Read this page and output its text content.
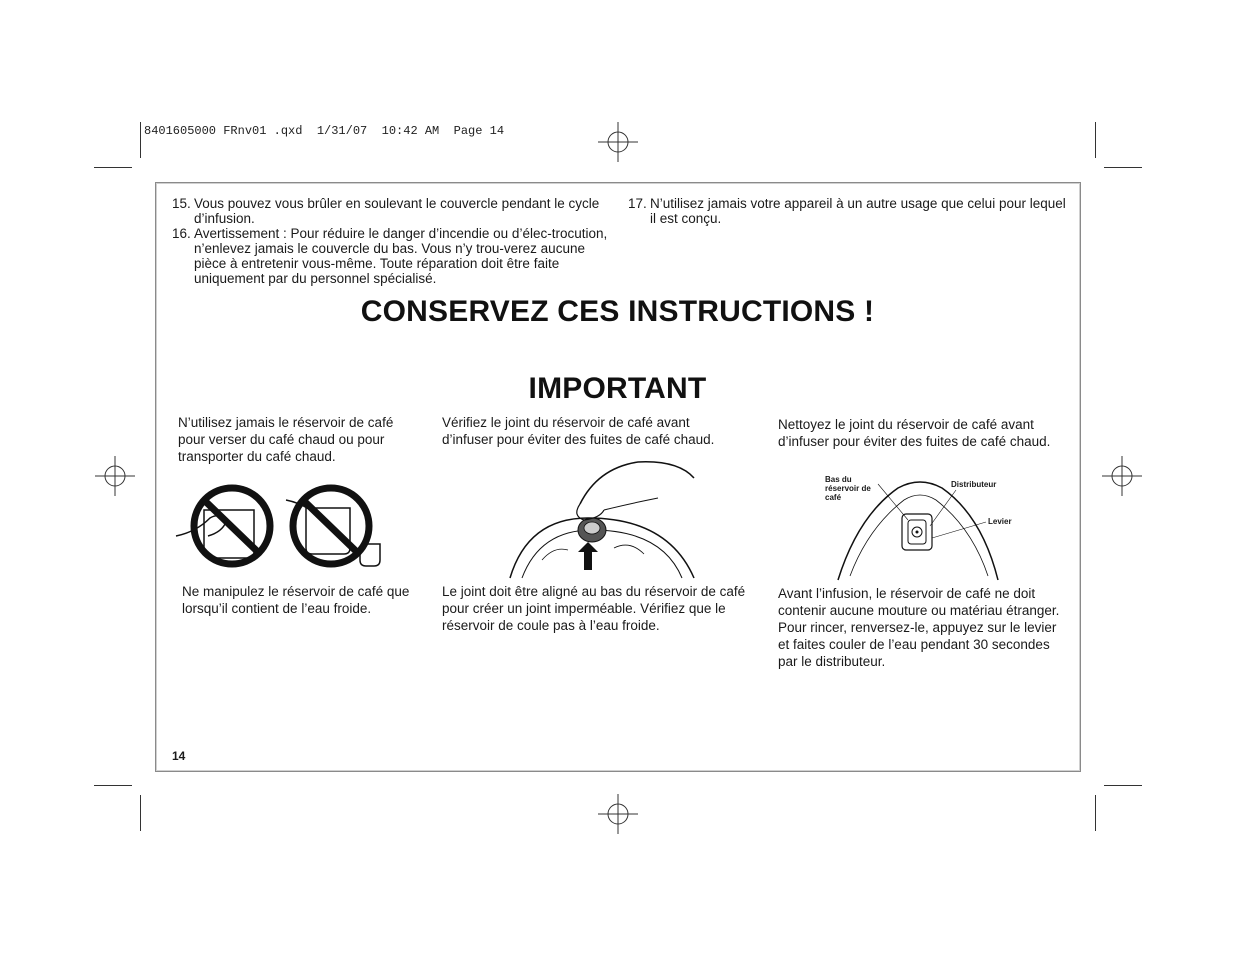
8401605000 FRnv01 .qxd  1/31/07  10:42 AM  Page 14

15. Vous pouvez vous brûler en soulevant le couvercle pendant le cycle d’infusion.

16. Avertissement : Pour réduire le danger d’incendie ou d’élec-trocution, n’enlevez jamais le couvercle du bas. Vous n’y trou-verez aucune pièce à entretenir vous-même. Toute réparation doit être faite uniquement par du personnel spécialisé.

17. N’utilisez jamais votre appareil à un autre usage que celui pour lequel il est conçu.

CONSERVEZ CES INSTRUCTIONS !
IMPORTANT
N’utilisez jamais le réservoir de café pour verser du café chaud ou pour transporter du café chaud.
Ne manipulez le réservoir de café que lorsqu’il contient de l’eau froide.
Vérifiez le joint du réservoir de café avant d’infuser pour éviter des fuites de café chaud.
Le joint doit être aligné au bas du réservoir de café pour créer un joint imperméable. Vérifiez que le réservoir de coule pas à l’eau froide.
Nettoyez le joint du réservoir de café avant d’infuser pour éviter des fuites de café chaud.
Bas du réservoir de café
Distributeur
Levier
Avant l’infusion, le réservoir de café ne doit contenir aucune mouture ou matériau étranger. Pour rincer, renversez-le, appuyez sur le levier et faites couler de l’eau pendant 30 secondes par le distributeur.
14
